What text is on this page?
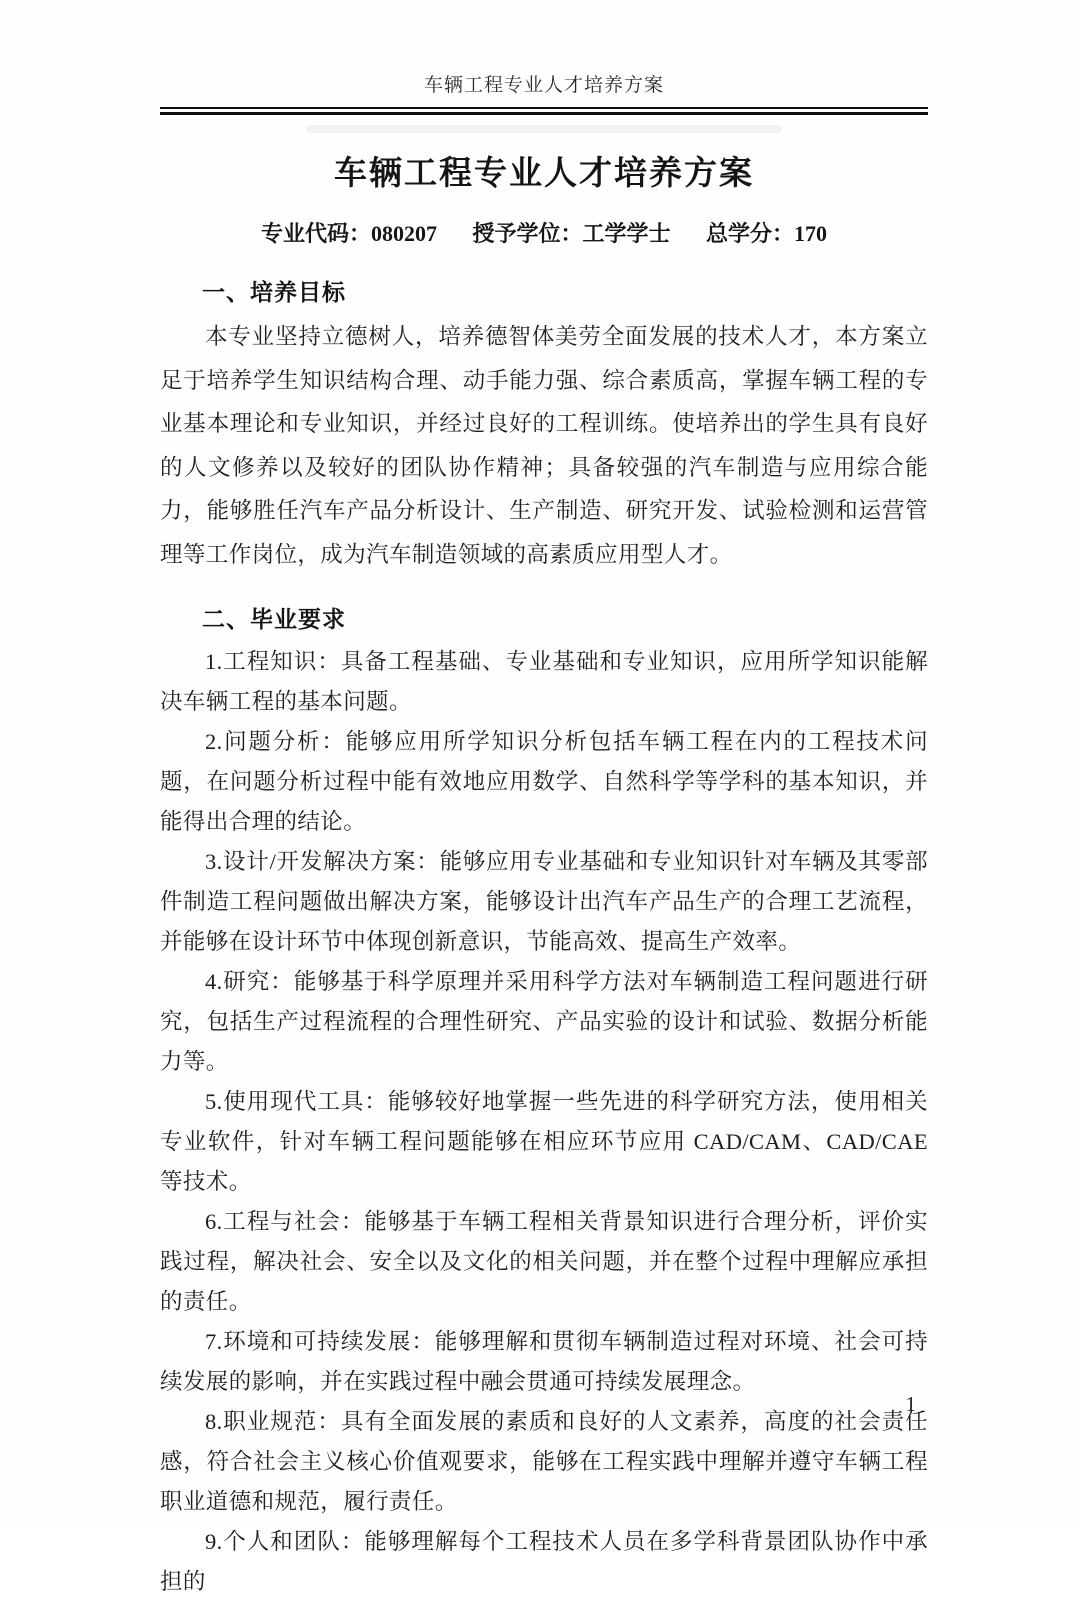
车辆工程专业人才培养方案
车辆工程专业人才培养方案

专业代码：080207 授予学位：工学学士 总学分：170

一、培养目标

本专业坚持立德树人，培养德智体美劳全面发展的技术人才，本方案立足于培养学生知识结构合理、动手能力强、综合素质高，掌握车辆工程的专业基本理论和专业知识，并经过良好的工程训练。使培养出的学生具有良好的人文修养以及较好的团队协作精神；具备较强的汽车制造与应用综合能力，能够胜任汽车产品分析设计、生产制造、研究开发、试验检测和运营管理等工作岗位，成为汽车制造领域的高素质应用型人才。

二、毕业要求

1.工程知识：具备工程基础、专业基础和专业知识，应用所学知识能解决车辆工程的基本问题。

2.问题分析：能够应用所学知识分析包括车辆工程在内的工程技术问题，在问题分析过程中能有效地应用数学、自然科学等学科的基本知识，并能得出合理的结论。

3.设计/开发解决方案：能够应用专业基础和专业知识针对车辆及其零部件制造工程问题做出解决方案，能够设计出汽车产品生产的合理工艺流程，并能够在设计环节中体现创新意识，节能高效、提高生产效率。

4.研究：能够基于科学原理并采用科学方法对车辆制造工程问题进行研究，包括生产过程流程的合理性研究、产品实验的设计和试验、数据分析能力等。

5.使用现代工具：能够较好地掌握一些先进的科学研究方法，使用相关专业软件，针对车辆工程问题能够在相应环节应用 CAD/CAM、CAD/CAE 等技术。

6.工程与社会：能够基于车辆工程相关背景知识进行合理分析，评价实践过程，解决社会、安全以及文化的相关问题，并在整个过程中理解应承担的责任。

7.环境和可持续发展：能够理解和贯彻车辆制造过程对环境、社会可持续发展的影响，并在实践过程中融会贯通可持续发展理念。

8.职业规范：具有全面发展的素质和良好的人文素养，高度的社会责任感，符合社会主义核心价值观要求，能够在工程实践中理解并遵守车辆工程职业道德和规范，履行责任。

9.个人和团队：能够理解每个工程技术人员在多学科背景团队协作中承担的

1
